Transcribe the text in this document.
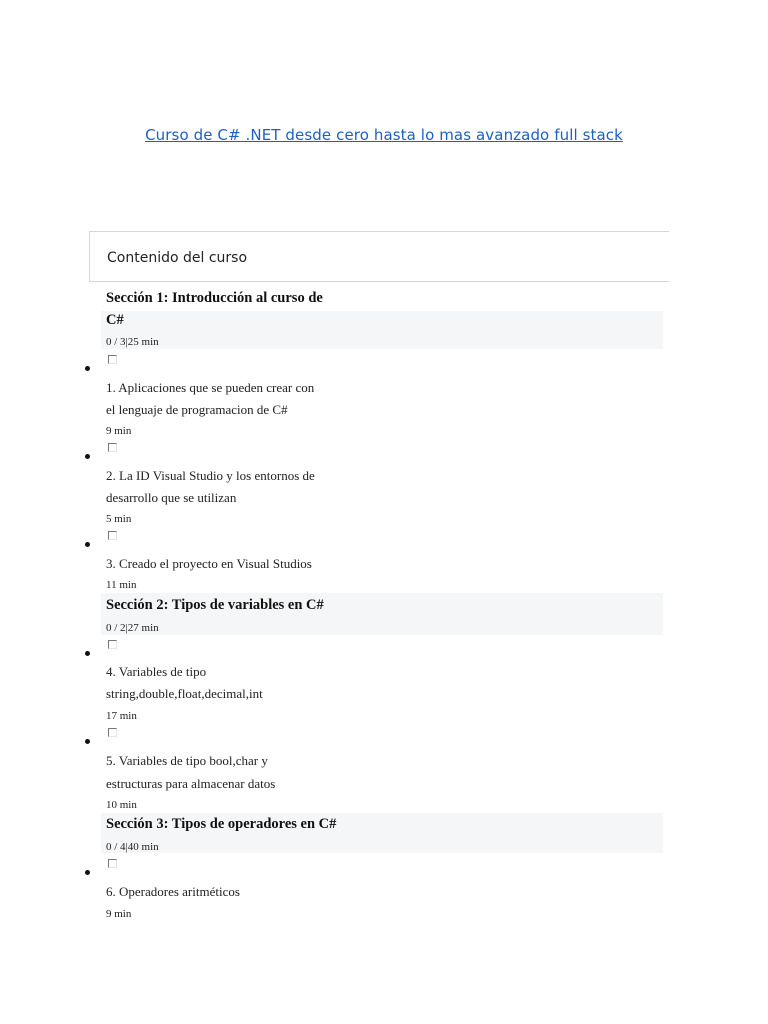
Curso de C# .NET desde cero hasta lo mas avanzado full stack
Contenido del curso
Sección 1: Introducción al curso de
C#
0 / 3|25 min
1. Aplicaciones que se pueden crear con
el lenguaje de programacion de C#
9 min
2. La ID Visual Studio y los entornos de
desarrollo que se utilizan
5 min
3. Creado el proyecto en Visual Studios
11 min
Sección 2: Tipos de variables en C#
0 / 2|27 min
4. Variables de tipo
string,double,float,decimal,int
17 min
5. Variables de tipo bool,char y
estructuras para almacenar datos
10 min
Sección 3: Tipos de operadores en C#
0 / 4|40 min
6. Operadores aritméticos
9 min
